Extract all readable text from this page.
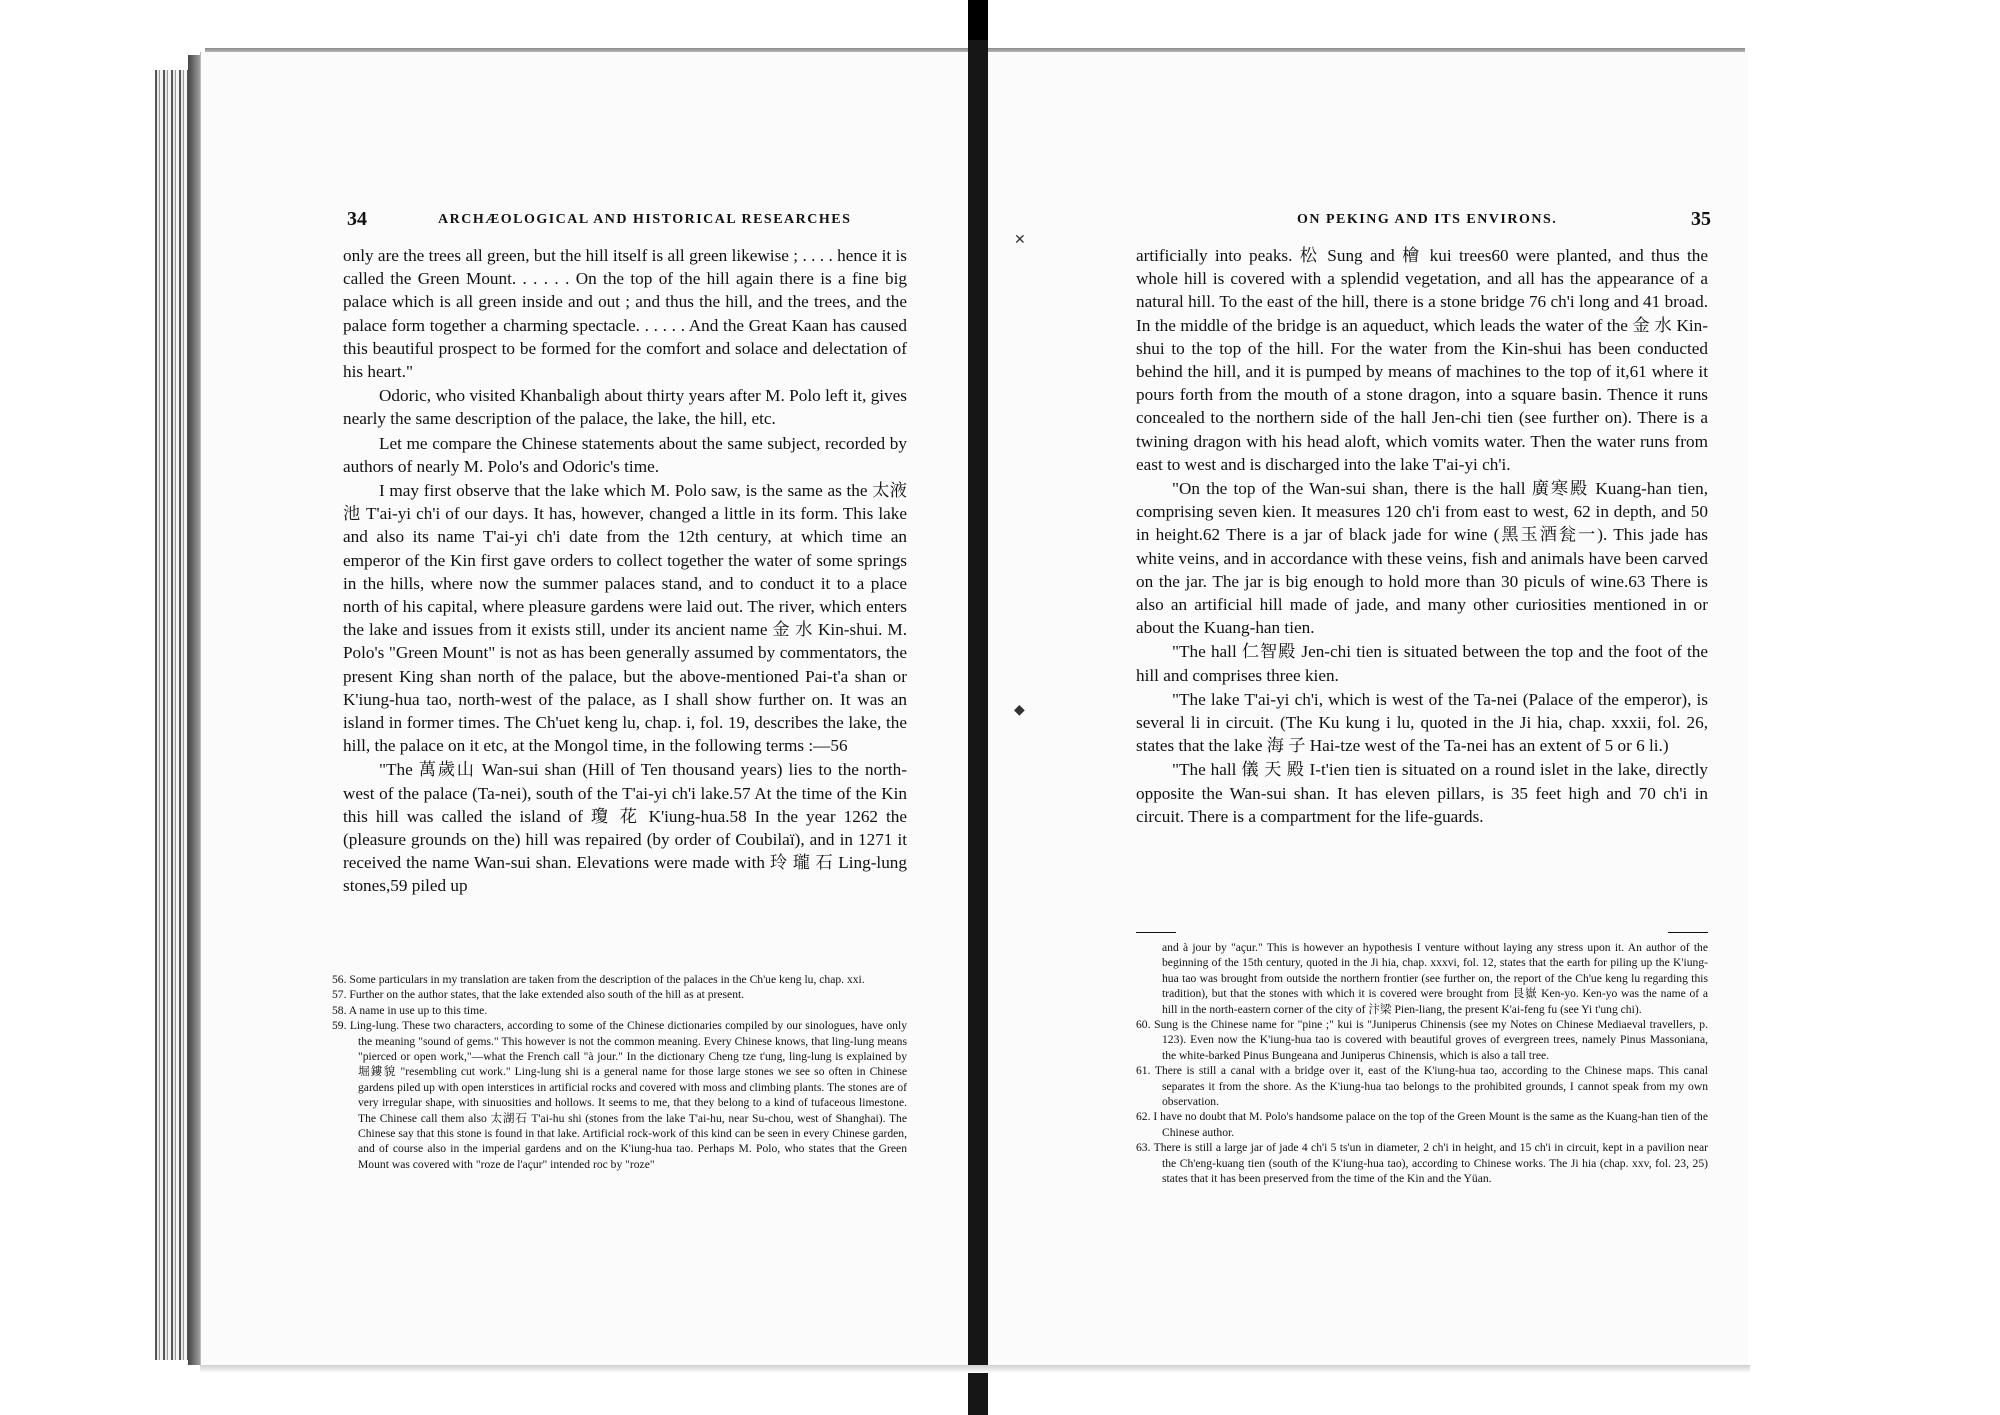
34	ARCHÆOLOGICAL AND HISTORICAL RESEARCHES

only are the trees all green, but the hill itself is all green likewise ; . . . . hence it is called the Green Mount. . . . . . On the top of the hill again there is a fine big palace which is all green inside and out ; and thus the hill, and the trees, and the palace form together a charming spectacle. . . . . . And the Great Kaan has caused this beautiful prospect to be formed for the comfort and solace and delectation of his heart."

Odoric, who visited Khanbaligh about thirty years after M. Polo left it, gives nearly the same description of the palace, the lake, the hill, etc.

Let me compare the Chinese statements about the same subject, recorded by authors of nearly M. Polo's and Odoric's time.

I may first observe that the lake which M. Polo saw, is the same as the 太液池 T'ai-yi ch'i of our days. It has, however, changed a little in its form. This lake and also its name T'ai-yi ch'i date from the 12th century, at which time an emperor of the Kin first gave orders to collect together the water of some springs in the hills, where now the summer palaces stand, and to conduct it to a place north of his capital, where pleasure gardens were laid out. The river, which enters the lake and issues from it exists still, under its ancient name 金 水 Kin-shui. M. Polo's "Green Mount" is not as has been generally assumed by commentators, the present King shan north of the palace, but the above-mentioned Pai-t'a shan or K'iung-hua tao, north-west of the palace, as I shall show further on. It was an island in former times. The Ch'uet keng lu, chap. i, fol. 19, describes the lake, the hill, the palace on it etc, at the Mongol time, in the following terms :—56

"The 萬歲山 Wan-sui shan (Hill of Ten thousand years) lies to the north-west of the palace (Ta-nei), south of the T'ai-yi ch'i lake.57 At the time of the Kin this hill was called the island of 瓊 花 K'iung-hua.58 In the year 1262 the (pleasure grounds on the) hill was repaired (by order of Coubilaï), and in 1271 it received the name Wan-sui shan. Elevations were made with 玲 瓏 石 Ling-lung stones,59 piled up

56. Some particulars in my translation are taken from the description of the palaces in the Ch'ue keng lu, chap. xxi.

57. Further on the author states, that the lake extended also south of the hill as at present.

58. A name in use up to this time.

59. Ling-lung. These two characters, according to some of the Chinese dictionaries compiled by our sinologues, have only the meaning "sound of gems." This however is not the common meaning. Every Chinese knows, that ling-lung means "pierced or open work,"—what the French call "à jour." In the dictionary Cheng tze t'ung, ling-lung is explained by 堀鏤貌 "resembling cut work." Ling-lung shi is a general name for those large stones we see so often in Chinese gardens piled up with open interstices in artificial rocks and covered with moss and climbing plants. The stones are of very irregular shape, with sinuosities and hollows. It seems to me, that they belong to a kind of tufaceous limestone. The Chinese call them also 太湖石 T'ai-hu shi (stones from the lake T'ai-hu, near Su-chou, west of Shanghai). The Chinese say that this stone is found in that lake. Artificial rock-work of this kind can be seen in every Chinese garden, and of course also in the imperial gardens and on the K'iung-hua tao. Perhaps M. Polo, who states that the Green Mount was covered with "roze de l'açur" intended roc by "roze"

ON PEKING AND ITS ENVIRONS.	35

artificially into peaks. 松 Sung and 檜 kui trees60 were planted, and thus the whole hill is covered with a splendid vegetation, and all has the appearance of a natural hill. To the east of the hill, there is a stone bridge 76 ch'i long and 41 broad. In the middle of the bridge is an aqueduct, which leads the water of the 金 水 Kin-shui to the top of the hill. For the water from the Kin-shui has been conducted behind the hill, and it is pumped by means of machines to the top of it,61 where it pours forth from the mouth of a stone dragon, into a square basin. Thence it runs concealed to the northern side of the hall Jen-chi tien (see further on). There is a twining dragon with his head aloft, which vomits water. Then the water runs from east to west and is discharged into the lake T'ai-yi ch'i.

"On the top of the Wan-sui shan, there is the hall 廣寒殿 Kuang-han tien, comprising seven kien. It measures 120 ch'i from east to west, 62 in depth, and 50 in height.62 There is a jar of black jade for wine (黑玉酒瓮一). This jade has white veins, and in accordance with these veins, fish and animals have been carved on the jar. The jar is big enough to hold more than 30 piculs of wine.63 There is also an artificial hill made of jade, and many other curiosities mentioned in or about the Kuang-han tien.

"The hall 仁智殿 Jen-chi tien is situated between the top and the foot of the hill and comprises three kien.

"The lake T'ai-yi ch'i, which is west of the Ta-nei (Palace of the emperor), is several li in circuit. (The Ku kung i lu, quoted in the Ji hia, chap. xxxii, fol. 26, states that the lake 海 子 Hai-tze west of the Ta-nei has an extent of 5 or 6 li.)

"The hall 儀 天 殿 I-t'ien tien is situated on a round islet in the lake, directly opposite the Wan-sui shan. It has eleven pillars, is 35 feet high and 70 ch'i in circuit. There is a compartment for the life-guards.

and à jour by "açur." This is however an hypothesis I venture without laying any stress upon it. An author of the beginning of the 15th century, quoted in the Ji hia, chap. xxxvi, fol. 12, states that the earth for piling up the K'iung-hua tao was brought from outside the northern frontier (see further on, the report of the Ch'ue keng lu regarding this tradition), but that the stones with which it is covered were brought from 艮嶽 Ken-yo. Ken-yo was the name of a hill in the north-eastern corner of the city of 汴梁 Pien-liang, the present K'ai-feng fu (see Yi t'ung chi).

60. Sung is the Chinese name for "pine ;" kui is "Juniperus Chinensis (see my Notes on Chinese Mediaeval travellers, p. 123). Even now the K'iung-hua tao is covered with beautiful groves of evergreen trees, namely Pinus Massoniana, the white-barked Pinus Bungeana and Juniperus Chinensis, which is also a tall tree.

61. There is still a canal with a bridge over it, east of the K'iung-hua tao, according to the Chinese maps. This canal separates it from the shore. As the K'iung-hua tao belongs to the prohibited grounds, I cannot speak from my own observation.

62. I have no doubt that M. Polo's handsome palace on the top of the Green Mount is the same as the Kuang-han tien of the Chinese author.

63. There is still a large jar of jade 4 ch'i 5 ts'un in diameter, 2 ch'i in height, and 15 ch'i in circuit, kept in a pavilion near the Ch'eng-kuang tien (south of the K'iung-hua tao), according to Chinese works. The Ji hia (chap. xxv, fol. 23, 25) states that it has been preserved from the time of the Kin and the Yüan.

✕
◆
